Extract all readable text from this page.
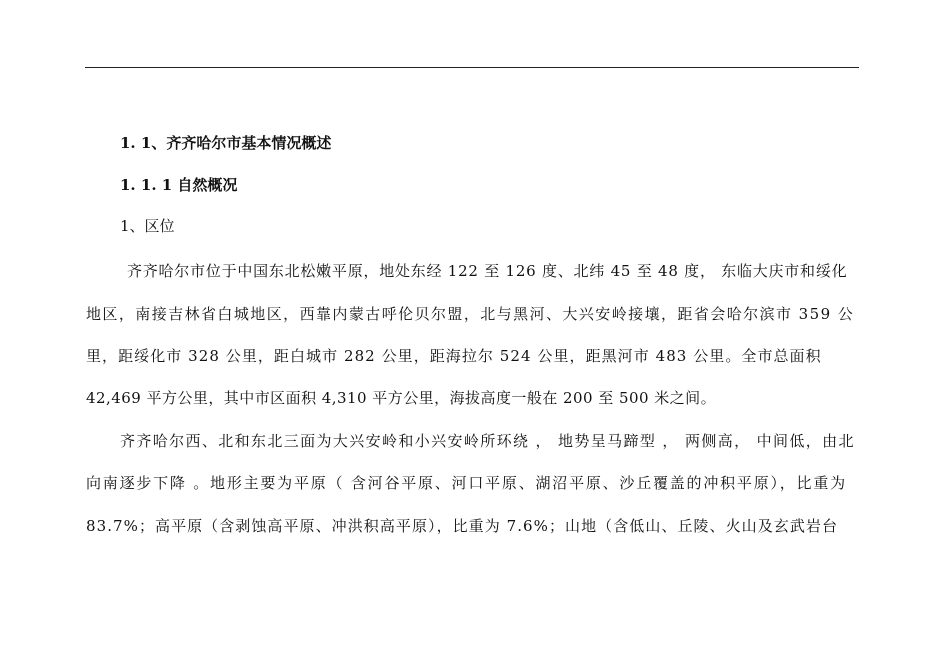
1. 1、齐齐哈尔市基本情况概述
1. 1. 1 自然概况
1、区位
齐齐哈尔市位于中国东北松嫩平原，地处东经 122 至 126 度、北纬 45 至 48 度， 东临大庆市和绥化
地区，南接吉林省白城地区，西靠内蒙古呼伦贝尔盟，北与黑河、大兴安岭接壤，距省会哈尔滨市 359 公
里，距绥化市 328 公里，距白城市 282 公里，距海拉尔 524 公里，距黑河市 483 公里。全市总面积
42,469 平方公里，其中市区面积 4,310 平方公里，海拔高度一般在 200 至 500 米之间。
齐齐哈尔西、北和东北三面为大兴安岭和小兴安岭所环绕 ， 地势呈马蹄型 ， 两侧高， 中间低，由北
向南逐步下降 。地形主要为平原（ 含河谷平原、河口平原、湖沼平原、沙丘覆盖的冲积平原），比重为
83.7%；高平原（含剥蚀高平原、冲洪积高平原），比重为 7.6%；山地（含低山、丘陵、火山及玄武岩台
